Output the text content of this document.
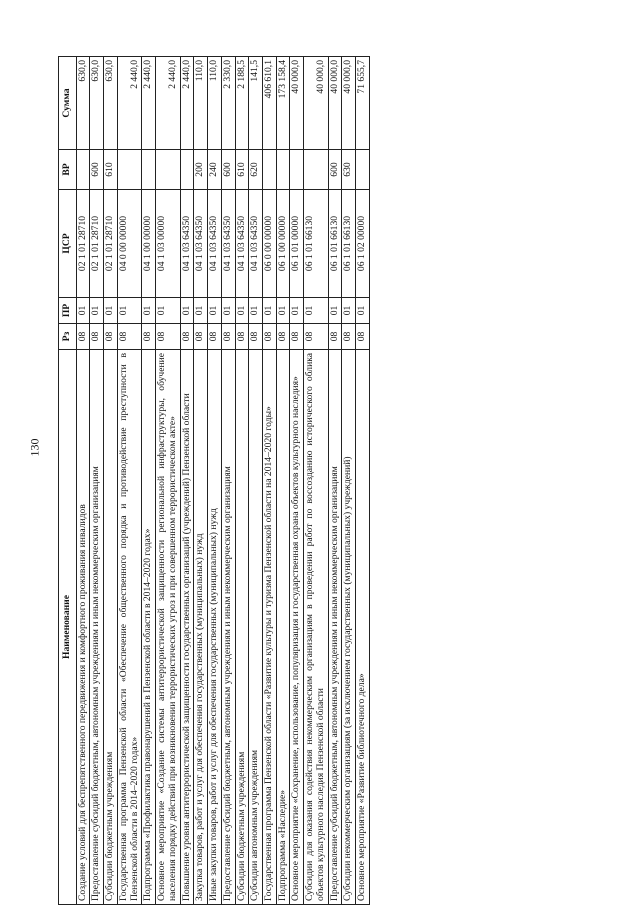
130
Наименование	Рз	ПР	ЦСР	ВР	Сумма
Создание условий для беспрепятственного передвижения и комфортного проживания инвалидов	08	01	02 1 01 28710		630,0
Предоставление субсидий бюджетным, автономным учреждениям и иным некоммерческим организациям	08	01	02 1 01 28710	600	630,0
Субсидии бюджетным учреждениям	08	01	02 1 01 28710	610	630,0
Государственная программа Пензенской области «Обеспечение общественного порядка и противодействие преступности в Пензенской области в 2014–2020 годах»	08	01	04 0 00 00000		2 440,0
Подпрограмма «Профилактика правонарушений в Пензенской области в 2014–2020 годах»	08	01	04 1 00 00000		2 440,0
Основное мероприятие «Создание системы антитеррористической защищенности региональной инфраструктуры, обучение населения порядку действий при возникновении террористических угроз и при совершенном террористическом акте»	08	01	04 1 03 00000		2 440,0
Повышение уровня антитеррористической защищенности государственных организаций (учреждений) Пензенской области	08	01	04 1 03 64350		2 440,0
Закупка товаров, работ и услуг для обеспечения государственных (муниципальных) нужд	08	01	04 1 03 64350	200	110,0
Иные закупки товаров, работ и услуг для обеспечения государственных (муниципальных) нужд	08	01	04 1 03 64350	240	110,0
Предоставление субсидий бюджетным, автономным учреждениям и иным некоммерческим организациям	08	01	04 1 03 64350	600	2 330,0
Субсидии бюджетным учреждениям	08	01	04 1 03 64350	610	2 188,5
Субсидии автономным учреждениям	08	01	04 1 03 64350	620	141,5
Государственная программа Пензенской области «Развитие культуры и туризма Пензенской области на 2014–2020 годы»	08	01	06 0 00 00000		406 610,1
Подпрограмма «Наследие»	08	01	06 1 00 00000		173 158,4
Основное мероприятие «Сохранение, использование, популяризация и государственная охрана объектов культурного наследия»	08	01	06 1 01 00000		40 000,0
Субсидии для оказания содействия некоммерческим организациям в проведении работ по воссозданию исторического облика объектов культурного наследия Пензенской области	08	01	06 1 01 66130		40 000,0
Предоставление субсидий бюджетным, автономным учреждениям и иным некоммерческим организациям	08	01	06 1 01 66130	600	40 000,0
Субсидии некоммерческим организациям (за исключением государственных (муниципальных) учреждений)	08	01	06 1 01 66130	630	40 000,0
Основное мероприятие «Развитие библиотечного дела»	08	01	06 1 02 00000		71 655,7
